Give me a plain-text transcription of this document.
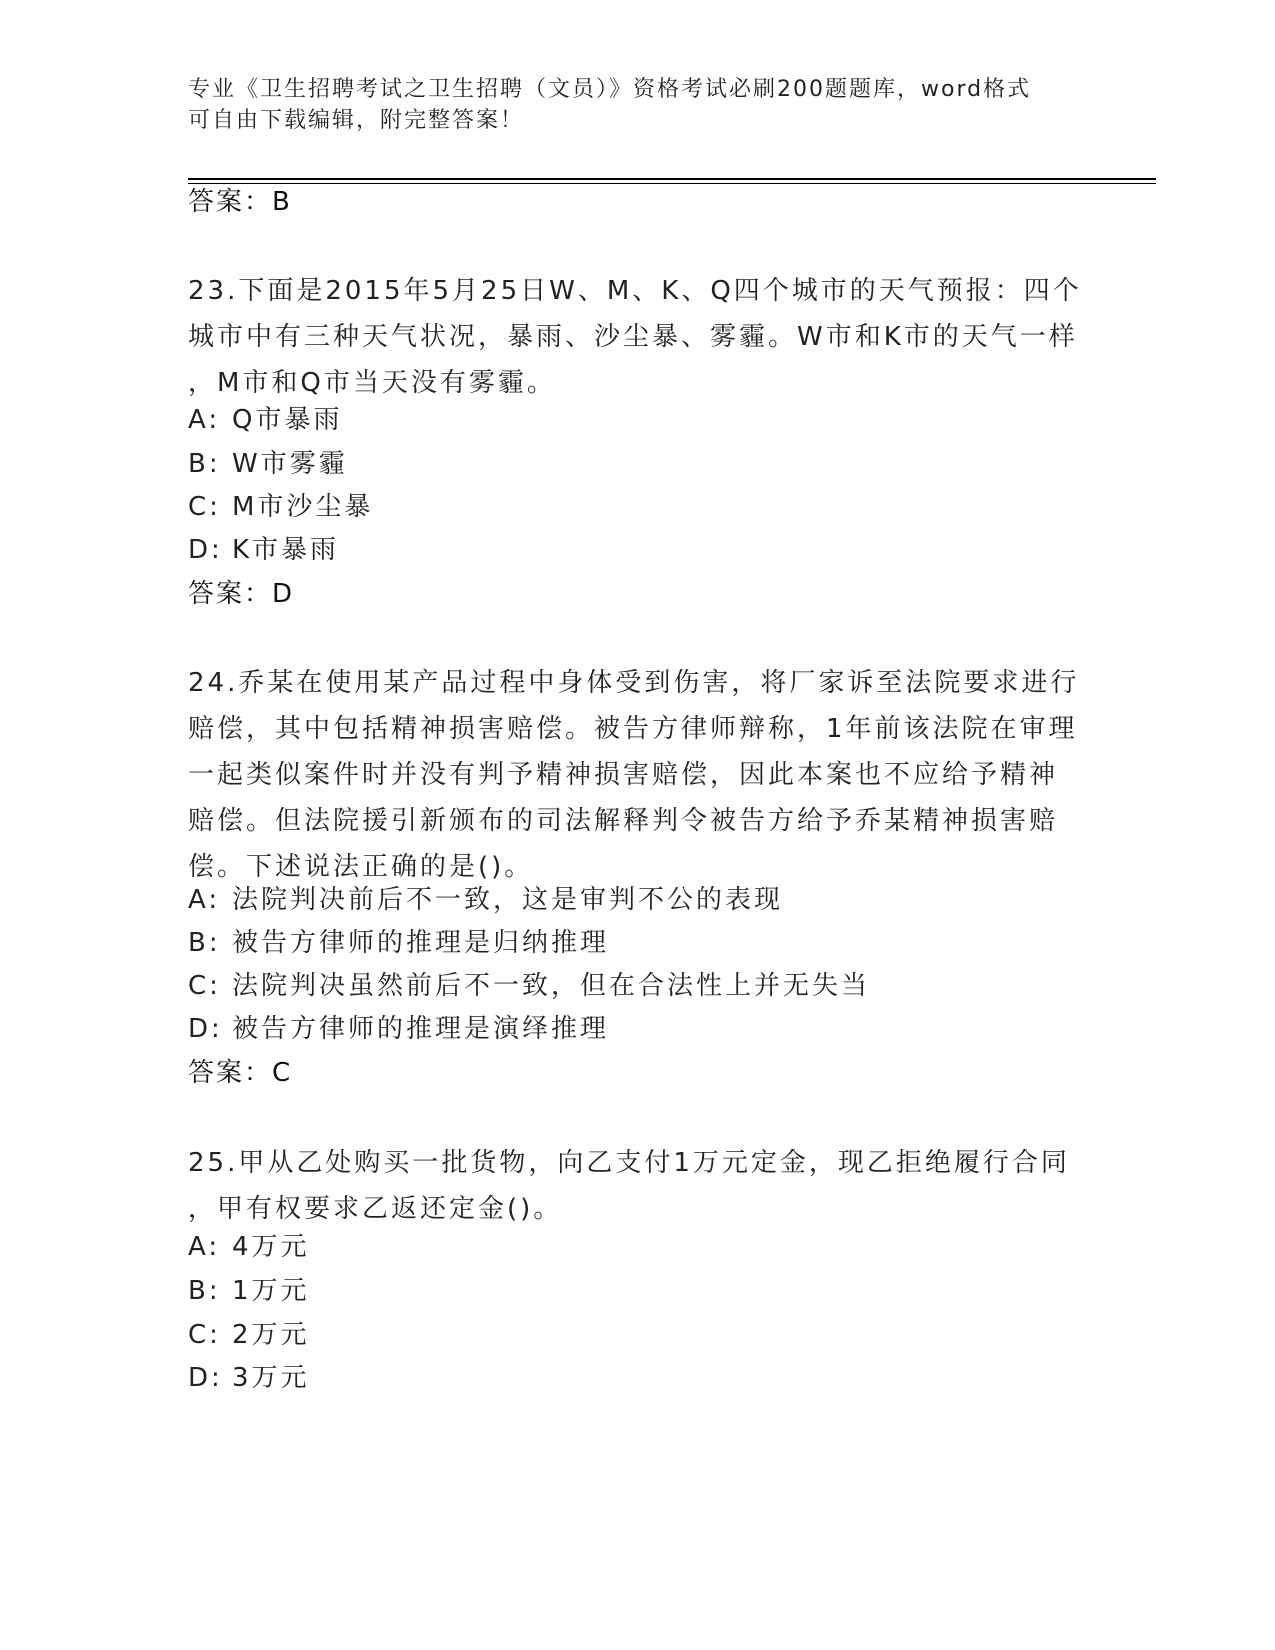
专业《卫生招聘考试之卫生招聘（文员）》资格考试必刷200题题库，word格式
可自由下载编辑，附完整答案！
答案：B
23.下面是2015年5月25日W、M、K、Q四个城市的天气预报：四个
城市中有三种天气状况，暴雨、沙尘暴、雾霾。W市和K市的天气一样
，M市和Q市当天没有雾霾。
A: Q市暴雨
B: W市雾霾
C: M市沙尘暴
D: K市暴雨
答案：D
24.乔某在使用某产品过程中身体受到伤害，将厂家诉至法院要求进行
赔偿，其中包括精神损害赔偿。被告方律师辩称，1年前该法院在审理
一起类似案件时并没有判予精神损害赔偿，因此本案也不应给予精神
赔偿。但法院援引新颁布的司法解释判令被告方给予乔某精神损害赔
偿。下述说法正确的是()。
A: 法院判决前后不一致，这是审判不公的表现
B: 被告方律师的推理是归纳推理
C: 法院判决虽然前后不一致，但在合法性上并无失当
D: 被告方律师的推理是演绎推理
答案：C
25.甲从乙处购买一批货物，向乙支付1万元定金，现乙拒绝履行合同
，甲有权要求乙返还定金()。
A: 4万元
B: 1万元
C: 2万元
D: 3万元
